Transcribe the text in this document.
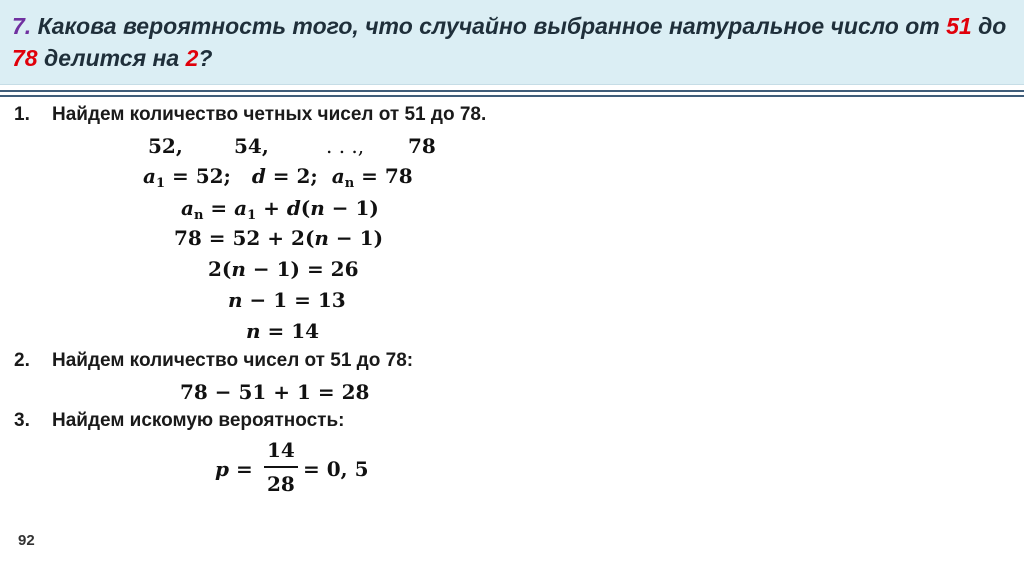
7. Какова вероятность того, что случайно выбранное натуральное число от 51 до 78 делится на 2?
1. Найдем количество четных чисел от 51 до 78.
52,	54,	. . ., 78
$a_1 = 52$; d = 2; $a_n = 78$
$a_n = a_1 + d(n - 1)$
78 = 52 + 2(n − 1)
2(n − 1) = 26
n − 1 = 13
n = 14
2. Найдем количество чисел от 51 до 78:
78 − 51 + 1 = 28
3. Найдем искомую вероятность:
p =
14
28
= 0, 5
92
